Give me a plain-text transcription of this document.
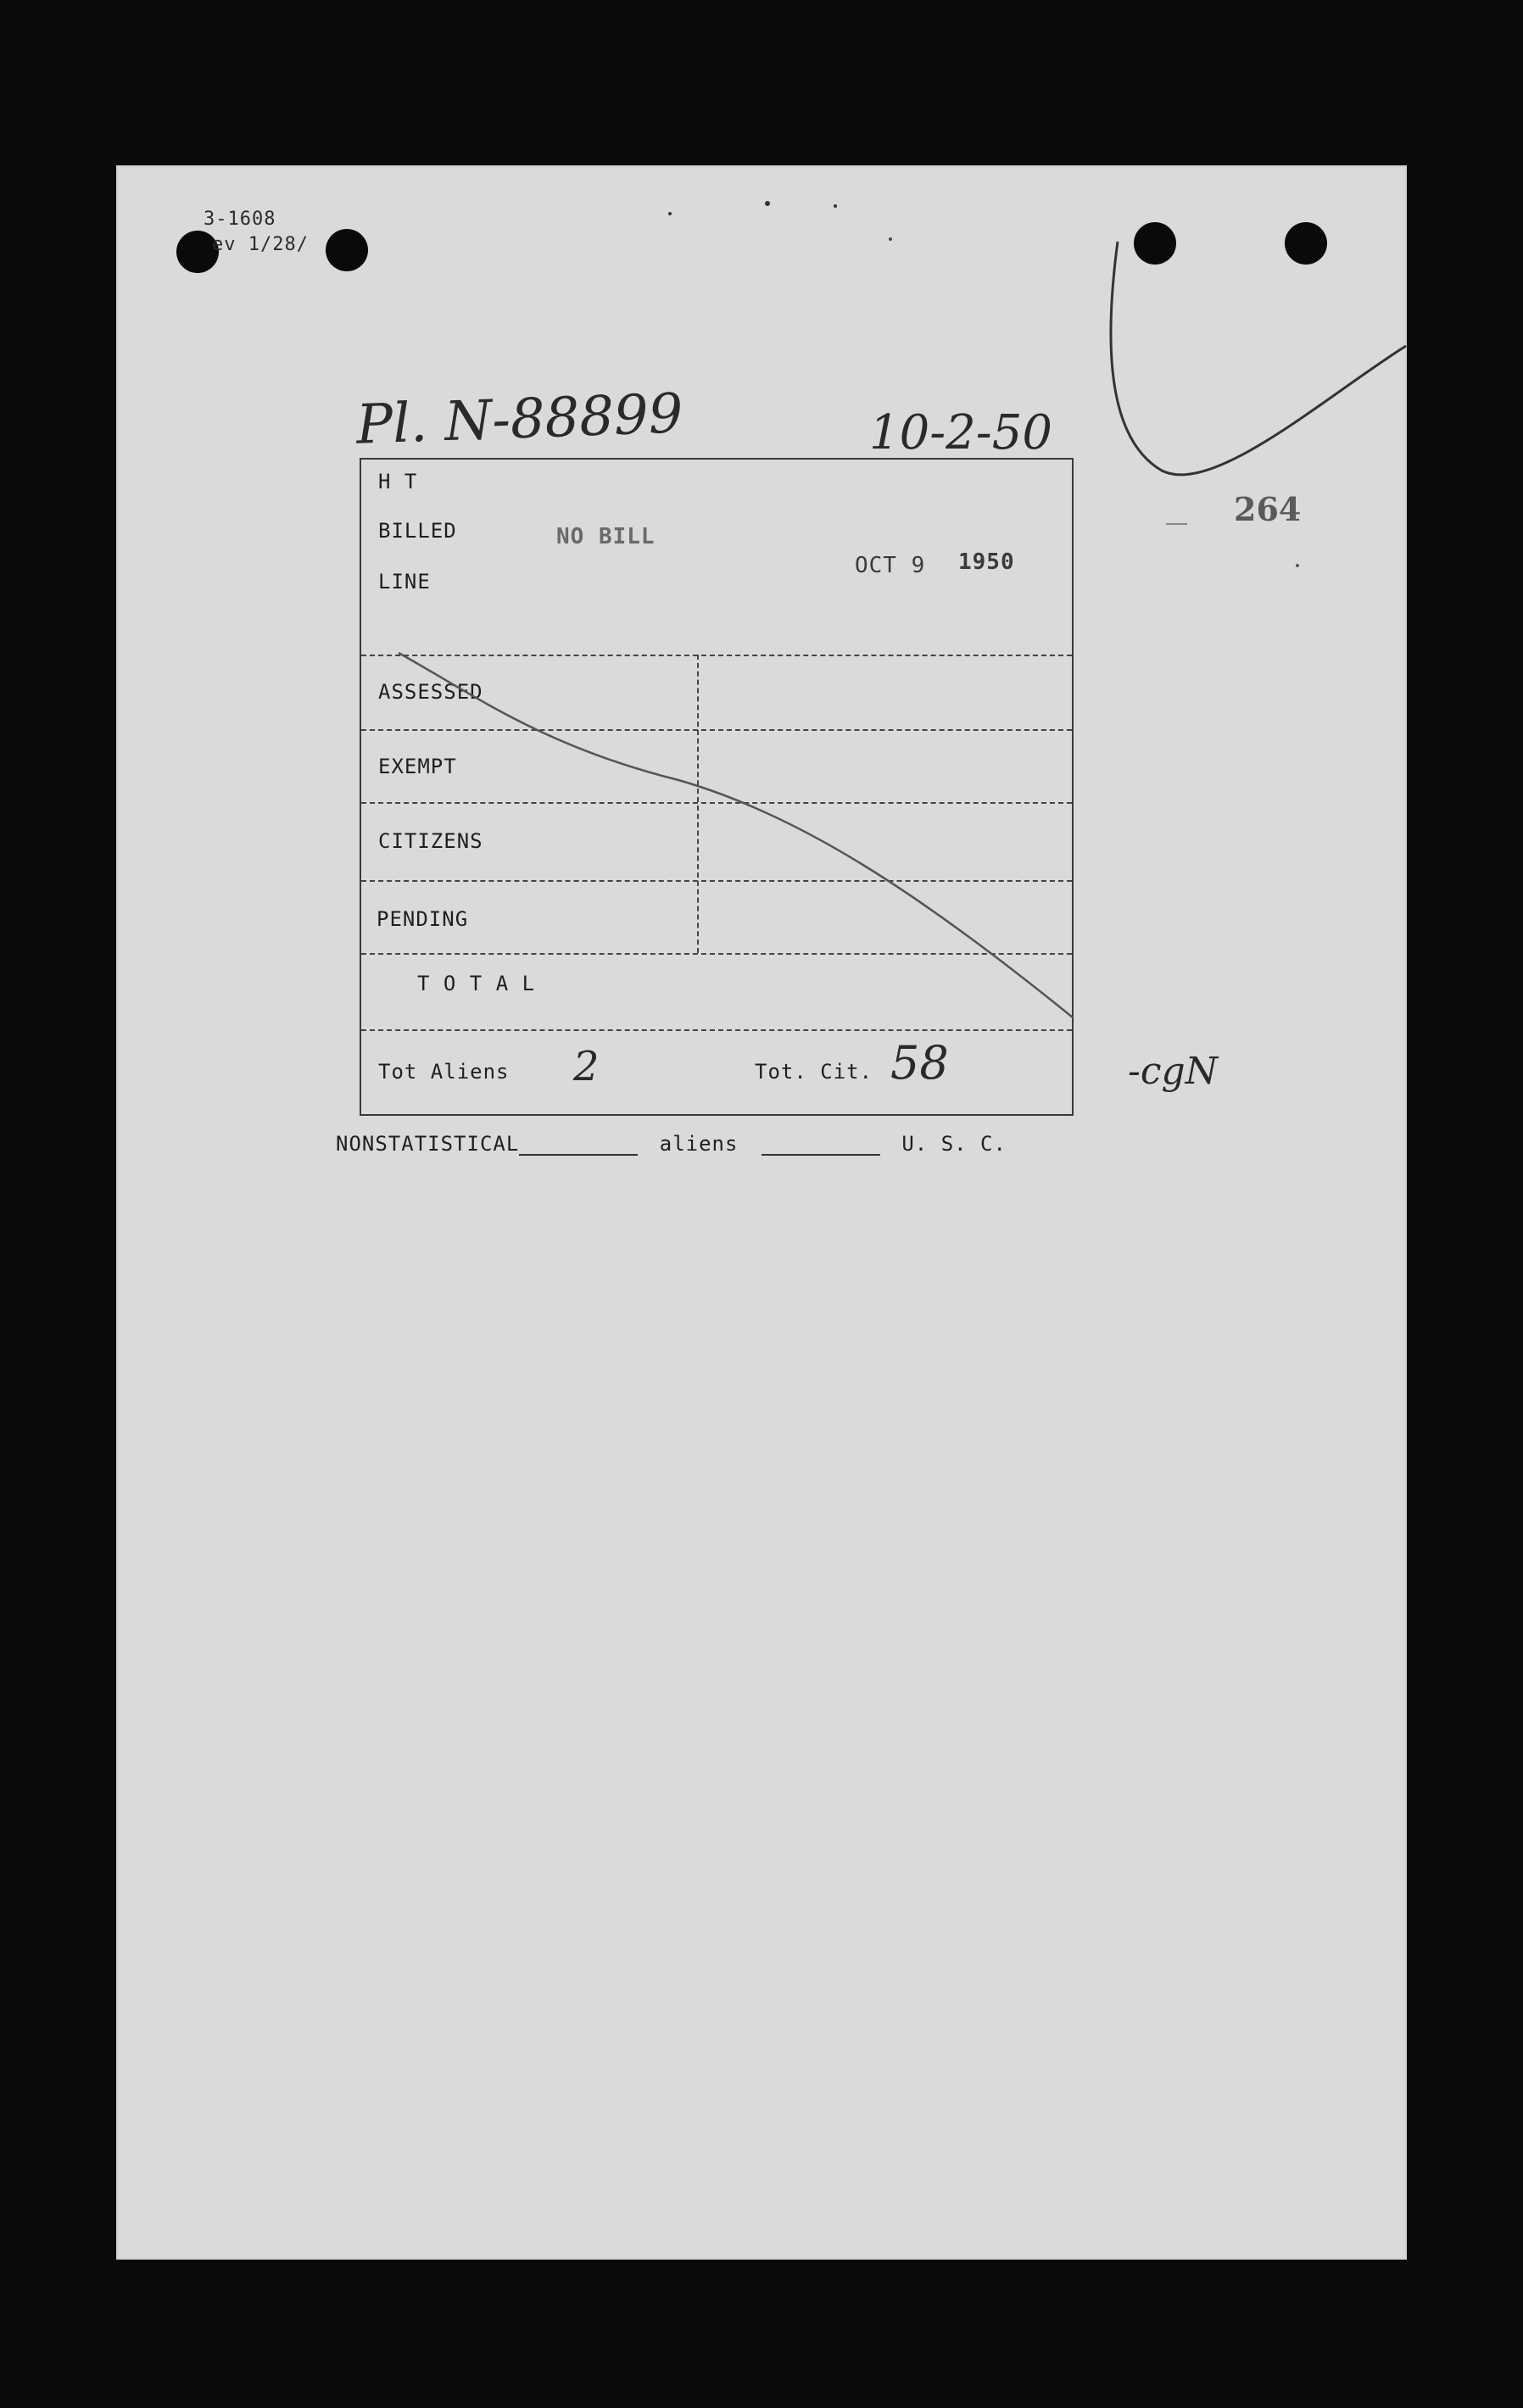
3-1608
ev 1/28/
Pl. N-88899	10-2-50
264
H T
BILLED
LINE
NO BILL
OCT 9 1950
ASSESSED
EXEMPT
CITIZENS
PENDING
T O T A L
Tot Aliens 2	Tot. Cit. 58	-cgN
NONSTATISTICAL	aliens	U. S. C.
